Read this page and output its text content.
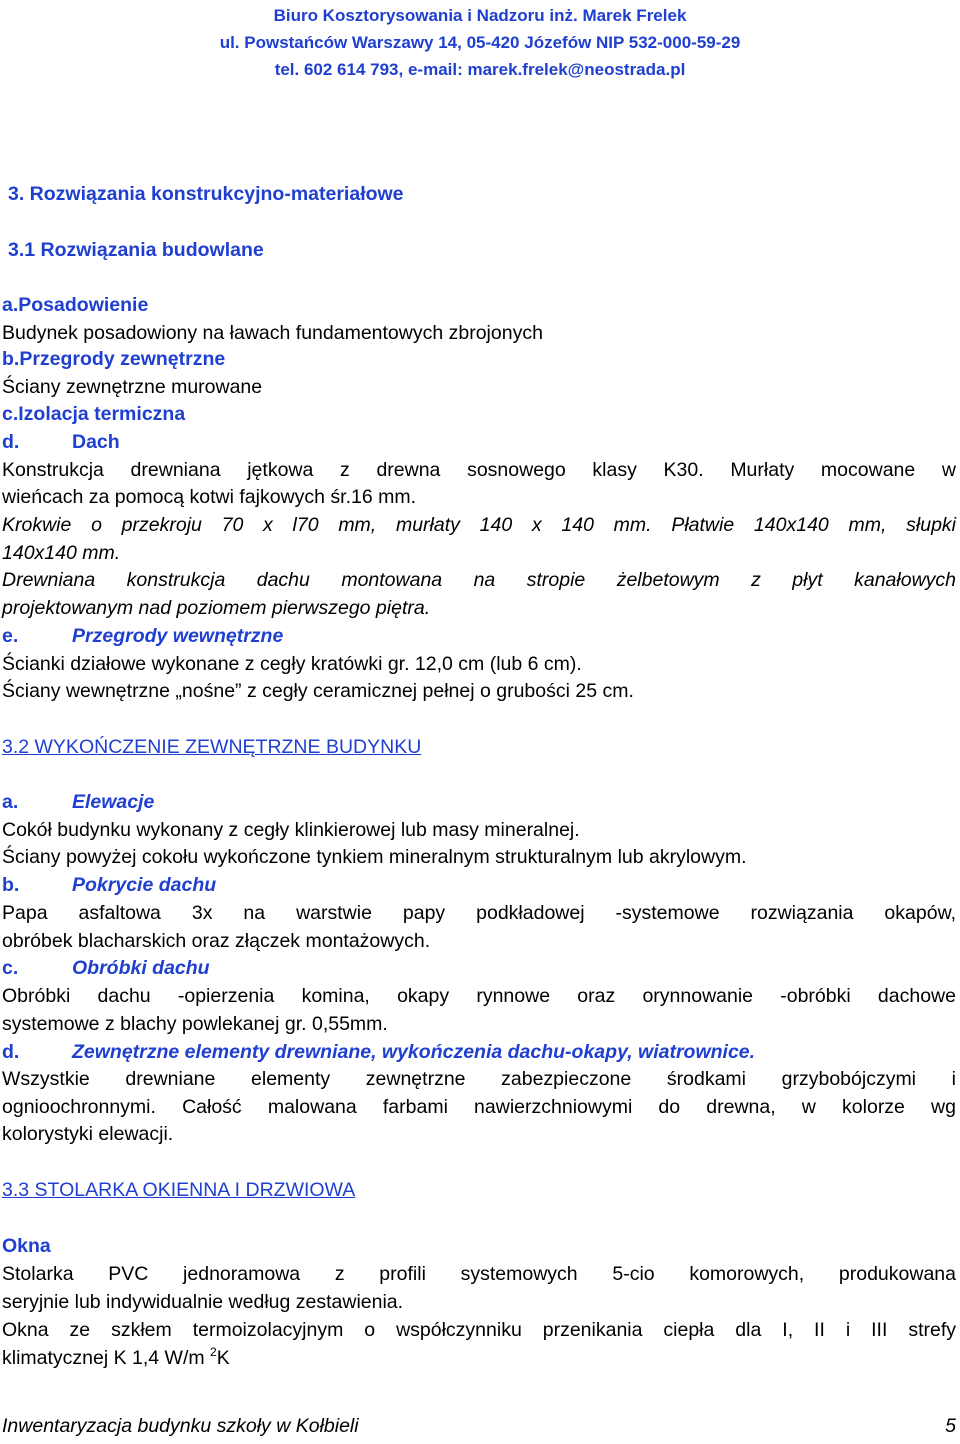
Biuro Kosztorysowania i Nadzoru inż. Marek Frelek
ul. Powstańców Warszawy 14, 05-420 Józefów NIP 532-000-59-29
tel. 602 614 793, e-mail: marek.frelek@neostrada.pl
3. Rozwiązania konstrukcyjno-materiałowe
3.1 Rozwiązania budowlane
a.Posadowienie
Budynek posadowiony na ławach fundamentowych zbrojonych
b.Przegrody zewnętrzne
Ściany zewnętrzne murowane
c.Izolacja termiczna
d.	Dach
Konstrukcja drewniana jętkowa z drewna sosnowego klasy K30. Murłaty mocowane w
wieńcach za pomocą kotwi fajkowych śr.16 mm.
Krokwie o przekroju 70 x l70 mm, murłaty 140 x 140 mm. Płatwie 140x140 mm, słupki
140x140 mm.
Drewniana konstrukcja dachu montowana na stropie żelbetowym z płyt kanałowych
projektowanym nad poziomem pierwszego piętra.
e.	Przegrody wewnętrzne
Ścianki działowe wykonane z cegły kratówki gr. 12,0 cm (lub 6 cm).
Ściany wewnętrzne „nośne” z cegły ceramicznej pełnej o grubości 25 cm.
3.2 WYKOŃCZENIE ZEWNĘTRZNE BUDYNKU
a.	Elewacje
Cokół budynku wykonany z cegły klinkierowej lub masy mineralnej.
Ściany powyżej cokołu wykończone tynkiem mineralnym strukturalnym lub akrylowym.
b.	Pokrycie dachu
Papa asfaltowa 3x na warstwie papy podkładowej -systemowe rozwiązania okapów,
obróbek blacharskich oraz złączek montażowych.
c.	Obróbki dachu
Obróbki dachu -opierzenia komina, okapy rynnowe oraz orynnowanie -obróbki dachowe
systemowe z blachy powlekanej gr. 0,55mm.
d.	Zewnętrzne elementy drewniane, wykończenia dachu-okapy, wiatrownice.
Wszystkie drewniane elementy zewnętrzne zabezpieczone środkami grzybobójczymi i
ognioochronnymi. Całość malowana farbami nawierzchniowymi do drewna, w kolorze wg
kolorystyki elewacji.
3.3 STOLARKA OKIENNA I DRZWIOWA
Okna
Stolarka PVC jednoramowa z profili systemowych 5-cio komorowych, produkowana
seryjnie lub indywidualnie według zestawienia.
Okna ze szkłem termoizolacyjnym o współczynniku przenikania ciepła dla I, II i III strefy
klimatycznej K 1,4 W/m $^2$K
Inwentaryzacja budynku szkoły w Kołbieli	5
